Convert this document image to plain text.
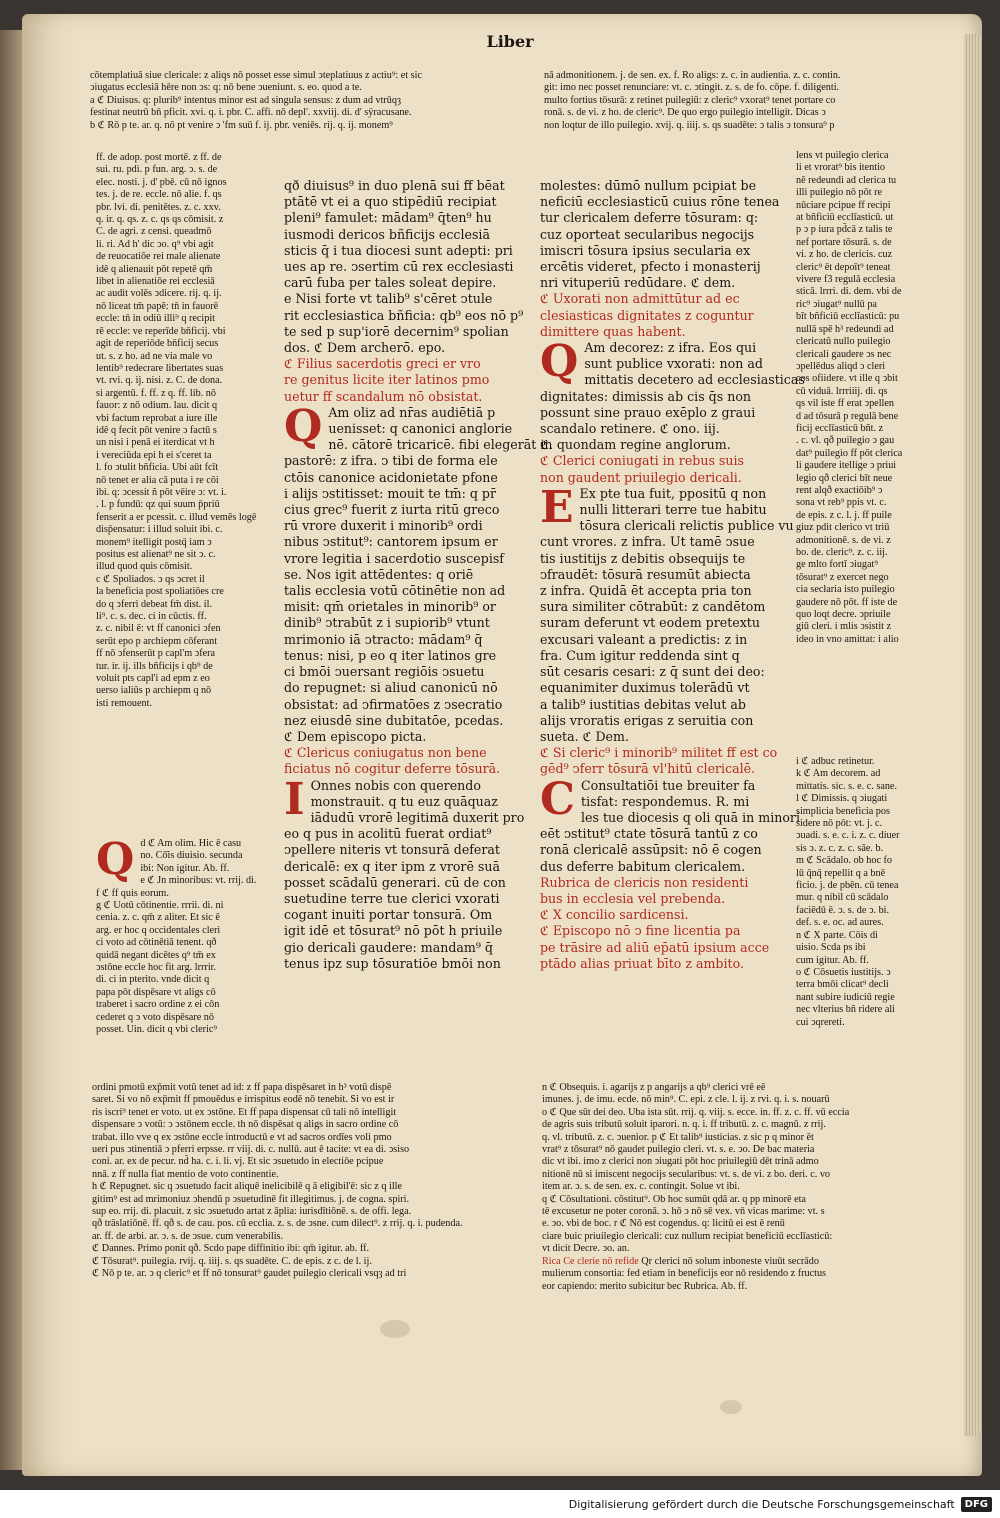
Liber
cōtemplatiuā siue clericale: z aliqs nō posset esse simul ↄteplatiuus z actiu⁹: et sic
ↄiugatus ecclesiā hēre non ↄs: q: nō bene ↄueniunt. s. eo. quod a te.
a ℭ Diuisus. q: plurib⁹ intentus minor est ad singula sensus: z dum ad vtrūqȝ
festinat neutrū bn̄ pficit. xvi. q. i. pbr. C. affi. nō depl'. xxviij. di. d' sÿracusane.
b ℭ Rō p te. ar. q. nō pt venire ↄ 'fm suū f. ij. pbr. veniēs. rij. q. ij. monem⁹
nā admonitionem. j. de sen. ex. f. Ro aligs: z. c. in audientia. z. c. contin.
git: imo nec posset renunciare: vt. c. ↄtingit. z. s. de fo. cōpe. f. diligenti.
multo fortius tōsurā: z retinet puilegiū: z cleric⁹ vxorat⁹ tenet portare co
ronā. s. de vi. z ho. de cleric⁹. De quo ergo puilegio intelligit. Dicas ↄ
non loqtur de illo puilegio. xvij. q. iiij. s. qs suadēte: ↄ talis ↄ tonsura⁹ p
ff. de adop. post mortē. z ff. de
sui. ru. pdi. p fun. arg. ↄ. s. de
elec. nosti. j. d' pbē. cū nō ignos
tes. j. de re. eccle. nō alie. f. qs
pbr. lvi. di. penitētes. z. c. xxv.
q. ir. q. qs. z. c. qs qs cōmisit. z
C. de agri. z censi. queadmō
li. ri. Ad h' dic ↄo. q⁹ vbi agit
de reuocatiōe rei male alienate
idē q alienauit pōt repetē qm̄
libet in alienatiōe rei ecclesiā
ac audit volēs ↄdicere. rij. q. ij.
nō liceat tm̄ papē: tn̄ in fauorē
eccle: tn̄ in odiū illi⁹ q recipit
rē eccle: ve reperīde bn̄ficij. vbi
agit de reperiōde bn̄ficij secus
ut. s. z ho. ad ne via male vo
lentib⁹ redecrare libertates suas
vt. rvi. q. ij. nisi. z. C. de dona.
si argentū. f. ff. z q. ff. lib. nō
fauor: z nō odium. lau. dicit q
vbi factum reprobat a iure ille
idē q fecit pōt venire ↄ factū s
un nisi i penā ei iterdicat vt h
i vereciūda epi h ei s'ceret ta
l. fo ↄtulit bñficia. Ubi aūt fcīt
nō tenet er alia cā puta i re cōi
ibi. q: ↄcessit ñ pōt vēire ↄ: vt. i.
. l. p fundū: qz qui suum p̄priū
fenserit a er pcessit. c. illud vemēs logē
disp̄ensatur: i illud soluit ibi. c.
monem⁹ itelligit postq̄ iam ↄ
positus est alienat⁹ ne sit ↄ. c.
illud quod quis cōmisit.
c ℭ Spoliados. ↄ qs ↄcret il
la beneficia post spoliatiōes cre
do q ↄferri debeat fm̄ dist. il.
li⁹. c. s. dec. ci in cūctis. ff.
z. c. nibil ē: vt ff canonici ↄfen
serūt epo p archiepm cōferant
ff nō ↄfenserūt p capl'm ↄfera
tur. ir. ij. ills bñficijs i qb⁹ de
voluit pts capl'i ad epm z eo
uerso ialiūs p archiepm q nō
isti remouent.
Q d ℭ Am olim. Hic ē casu
no. Cō̄is diuisio. secunda
ibi: Non igitur. Ab. ff.
e ℭ Jn minoribus: vt. rrij. di.
f ℭ ff quis eorum.
g ℭ Uotū cōtinentie. rrrii. di. ni
cenia. z. c. qm̄ z aliter. Et sic ē
arg. er hoc q occidentales cleri
ci voto ad cōtinētiā tenent. qð
quidā negant dicētes q⁹ tm̄ ex
ↄstōne eccle hoc fit arg. lrrrir.
di. ci in pterito. vnde dicit q
papa pōt dispēsare vt aligs cō
traberet i sacro ordine z ei cōn
cederet q ↄ voto dispēsare nō
posset. Uin. dicit q vbi cleric⁹
qð diuisus⁹ in duo plenā sui ff bēat
ptātē vt ei a quo stipēdiū recipiat
pleni⁹ famulet: mādam⁹ q̄ten⁹ hu
iusmodi dericos bñficijs ecclesiā
sticis q̄ i tua diocesi sunt adepti: pri
ues ap re. ↄsertim cū rex ecclesiasti
carū fuba per tales soleat depire.
e Nisi forte vt talib⁹ s'cēret ↄtule
rit ecclesiastica bñficia: qb⁹ eos nō p⁹
te sed p sup'iorē decernim⁹ spolian
dos. ℭ Dem archerō̄. epo.
ℭ Filius sacerdotis greci er vro
re genitus licite iter latinos pmo
uetur ff scandalum nō obsistat.
Q Am oliz ad nr̄as audiētiā p
uenisset: q canonici anglorie
nē. cātorē tricaricē. fibi elegerāt in
pastorē: z ifra. ↄ tibi de forma ele
ctōis canonice acidonietate pfone
i alijs ↄstitisset: mouit te tm̄: q pr̄
cius grec⁹ fuerit z iurta ritū greco
rū vrore duxerit i minorib⁹ ordi
nibus ↄstitut⁹: cantorem ipsum er
vrore legitia i sacerdotio suscepisf
se. Nos igit attēdentes: q oriē
talis ecclesia votū cōtinētie non ad
misit: qm̄ orietales in minorib⁹ or
dinib⁹ ↄtrabūt z i supiorib⁹ vtunt
mrimonio iā ↄtracto: mādam⁹ q̄
tenus: nisi, p eo q iter latinos gre
ci bmōi ↄuersant regiōis ↄsuetu
do repugnet: si aliud canonicū nō
obsistat: ad ↄfirmatōes z ↄsecratio
nez eiusdē sine dubitatōe, pcedas.
ℭ Dem episcopo picta.
ℭ Clericus coniugatus non bene
ficiatus nō cogitur deferre tōsurā.
I Onnes nobis con querendo
monstrauit. q tu euz quāquaz
iādudū vrorē legitimā duxerit pro
eo q pus in acolitū fuerat ordiat⁹
ↄpellere niteris vt tonsurā deferat
dericalē: ex q iter ipm z vrorē suā
posset scādalū generari. cū de con
suetudine terre tue clerici vxorati
cogant inuiti portar tonsurā. Om
igit idē et tōsurat⁹ nō pōt h priuile
gio dericali gaudere: mandam⁹ q̄
tenus ipz sup tōsuratiōe bmōi non
molestes: dūmō nullum pcipiat be
neficiū ecclesiasticū cuius rōne tenea
tur clericalem deferre tōsuram: q:
cuz oporteat secularibus negocijs
imiscri tōsura ipsius secularia ex
ercētis videret, pfecto i monasterij
nri vituperiū redūdare. ℭ dem.
ℭ Uxorati non admittūtur ad ec
clesiasticas dignitates z coguntur
dimittere quas habent.
Q Am decorez: z ifra. Eos qui
sunt publice vxorati: non ad
mittatis decetero ad ecclesiasticas
dignitates: dimissis ab cis q̄s non
possunt sine prauo exēplo z graui
scandalo retinere. ℭ ono. iij.
ℭ. quondam regine anglorum.
ℭ Clerici coniugati in rebus suis
non gaudent priuilegio dericali.
E Ex pte tua fuit, ppositū q non
nulli litterari terre tue habitu
tōsura clericali relictis publice vu
cunt vrores. z infra. Ut tamē ↄsue
tis iustitijs z debitis obsequijs te
ↄfraudēt: tōsurā resumūt abiecta
z infra. Quidā ēt accepta pria ton
sura similiter cōtrabūt: z candētom
suram deferunt vt eodem pretextu
excusari valeant a predictis: z in
fra. Cum igitur reddenda sint q
sūt cesaris cesari: z q̄ sunt dei deo:
equanimiter duximus tolerādū vt
a talib⁹ iustitias debitas velut ab
alijs vroratis erigas z seruitia con
sueta. ℭ Dem.
ℭ Si cleric⁹ i minorib⁹ militet ff est co
gēd⁹ ↄferr tōsurā vl'hitū clericalē.
C Consultatiōi tue breuiter fa
tisfat: respondemus. R. mi
les tue diocesis q oli quā in minori
eēt ↄstitut⁹ ctate tōsurā tantū z co
ronā clericalē assūpsit: nō ē cogen
dus deferre babitum clericalem.
Rubrica de clericis non residenti
bus in ecclesia vel prebenda.
ℭ X concilio sardicensi.
ℭ Episcopo nō ↄ fine licentia pa
pe trāsire ad aliū ep̄atū ipsium acce
ptādo alias priuat bīto z ambito.
lens vt puilegio clerica
li et vrorat⁹ bis itentio
nē redeundi ad clerica tu
illi puilegio nō pōt re
nūciare pcipue ff recipi
at bñficiū ecclīasticū. ut
p ↄ p iura pd̄cā z talis te
nef portare tōsurā. s. de
vi. z ho. de clericis. cuz
cleric⁹ ēt depoīt⁹ teneat
vivere f3 regulā ecclesia
sticā. lrrri. di. dem. vbi de
ric⁹ ↄiugat⁹ nullū pa
bīt bñficiū ecclīasticū: pu
nullā spē h³ redeundi ad
clericatū nullo puilegio
clericali gaudere ↄs nec
ↄpellēdus aliqd ↄ cleri
cos ofiidere. vt ille q ↄbit
cū viduā. lrrriiij. di. qs
qs vil iste ff erat ↄpellen
d ad tōsurā p regulā bene
ficij ecclīasticū bñt. z
. c. vl. qð puilegio ↄ gau
dat⁹ puilegio ff pōt clerica
li gaudere itellige ↄ priui
legio qð clerici bīt neue
rent alqð exactiōib⁹ ↄ
sona vt reb⁹ ppis vt. c.
de epis. z c. l. j. ff puile
giuz pdit clerico vt triū
admonitionē. s. de vi. z
bo. de. cleric⁹. z. c. iij.
ge mlto fortī ↄiugat⁹
tōsurat⁹ z exercet nego
cia secłaria isto puilegio
gaudere nō pōt. ff iste de
quo loqt decre. ↄpriuile
giū cleri. i mlis ↄsistit z
ideo in vno amittat: i alio
i ℭ adbuc retinetur.
k ℭ Am decorem. ad
mittatis. sic. s. e. c. sane.
l ℭ Dimissis. q ↄiugati
simplicia beneficia pos
sidere nō pōt: vt. j. c.
ↄuadi. s. e. c. i. z. c. diuer
sis ↄ. z. c. z. c. sāe. b.
m ℭ Scādalo. ob hoc fo
lū q̄nq̄ repellit q a bnē
ficio. j. de pbēn. cū tenea
mur. q nibil cū scādalo
faciēdū ē. ↄ. s. de ↄ. bi.
def. s. e. oc. ad aures.
n ℭ X parte. Cōis di
uisio. Scda ps ibi
cum igitur. Ab. ff.
o ℭ Cōsuetis iustitijs. ↄ
terra bmōi clicat⁹ decli
nant subire iudiciū regie
nec vlterius bñ ridere ali
cui ↄqrereti.
ordini pmotū exp̄mit votū tenet ad id: z ff papa dispēsaret in h³ votū dispē
saret. Si vo nō exp̄mit ff pmouēdus e irrispitus eodē nō tenebit. Si vo est ir
ris iscri⁹ tenet er voto. ut ex ↄstōne. Et ff papa dispensat cū tali nō intelligit
dispensare ↄ votū: ↄ ↄstōnem eccle. th nō dispēsat q aligs in sacro ordine cō
trabat. illo vve q ex ↄstōne eccle introductū e vt ad sacros ordīes voli pmo
ueri pus ↄtinentiā ↄ pferri erpsse. rr viij. di. c. nullū. aut ē tacite: vt ea di. ↄsiso
coni. ar. ex de pecur. nd̄ ha. c. i. li. vj. Et sic ↄsuetudo in electiōe pcipue
nnā. z ff nulla fiat mentio de voto continentie.
h ℭ Repugnet. sic q ↄsuetudo facit aliquē inelicibilē q ā eligibil'ē: sic z q ille
gitim⁹ est ad mrimoniuz ↄhendū p ↄsuetudinē fit illegitimus. j. de cogna. spiri.
sup eo. rrij. di. placuit. z sic ↄsuetudo artat z āplia: iurisdītiōnē. s. de offi. lega.
qð trāslatiōnē. ff. qð s. de cau. pos. cū ecclia. z. s. de ↄsne. cum dilect⁹. z rrij. q. i. pudenda.
ar. ff. de arbi. ar. ↄ. s. de ↄsue. cum venerabilis.
ℭ Dannes. Primo ponit qð. Scdo pape diffinitio ibi: qm̄ igitur. ab. ff.
ℭ Tōsurat⁹. puilegia. rvij. q. iiij. s. qs suadēte. C. de epis. z c. de l. ij.
ℭ Nō p te. ar. ↄ q cleric⁹ et ff nō tonsurat⁹ gaudet puilegio clericali vsqȝ ad tri
n ℭ Obsequis. i. agarijs z p angarijs a qb⁹ clerici vrē eē
imunes. j. de imu. ecde. nō min⁹. C. epi. z cle. l. ij. z rvi. q. i. s. nouarū
o ℭ Que sūt dei deo. Uba ista sūt. rrij. q. viij. s. ecce. in. ff. z. c. ff. vū eccia
de agris suis tributū soluit iparori. n. q. i. ff tributū. z. c. magnū. z rrij.
q. vl. tributū. z. c. ↄuenior. p ℭ Et talib⁹ iusticias. z sic p q minor ēt
vrat⁹ z tōsurat⁹ nō gaudet puilegio cleri. vt. s. e. ↄo. De bac materia
dic vt ibi. imo z clerici non ↄiugati pōt hoc priuilegiū dēt trinā admo
nitionē nū si imiscent negocijs secularibus: vt. s. de vi. z bo. deri. c. vo
item ar. ↄ. s. de sen. ex. c. contingit. Solue vt ibi.
q ℭ Cōsultationi. cōstitut⁹. Ob hoc sumūt qdā ar. q pp minorē eta
tē excusetur ne poter coronā. ↄ. hō ↄ nō sē vex. vn̄ vicas marime: vt. s
e. ↄo. vbi de boc. r ℭ Nō est cogendus. q: licitū ei est ē renū
ciare buic priuilegio clericali: cuz nullum recipiat beneficiū ecclīasticū:
vt dicit Decre. ↄo. an.
Rica Ce clerie nō refide Qr clerici nō solum inboneste viuūt secrādo
mulierum consortia: fed etiam in beneficijs eor nō residendo z fructus
eor capiendo: merito subicitur bec Rubrica. Ab. ff.
Digitalisierung gefördert durch die Deutsche Forschungsgemeinschaft	DFG
